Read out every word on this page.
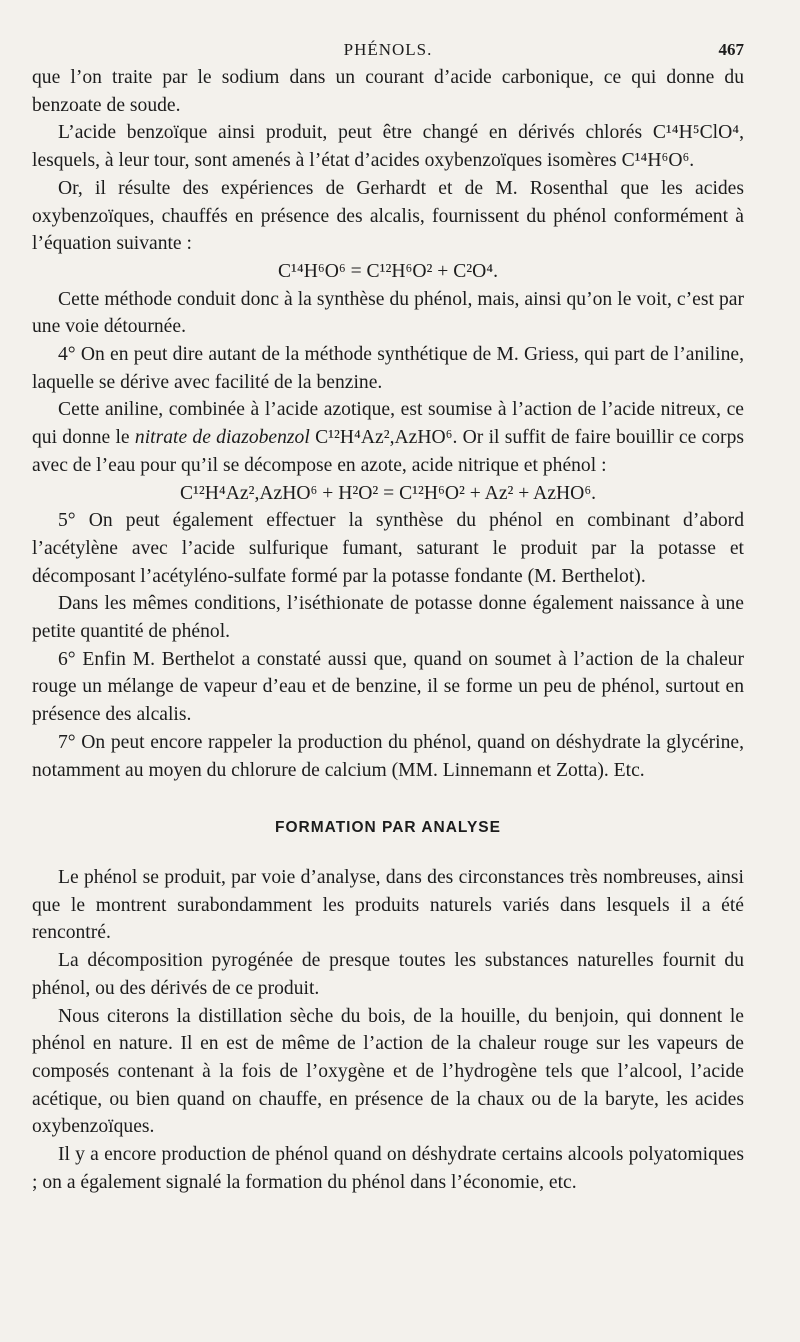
PHÉNOLS.	467

que l’on traite par le sodium dans un courant d’acide carbonique, ce qui donne du benzoate de soude.

L’acide benzoïque ainsi produit, peut être changé en dérivés chlorés C¹⁴H⁵ClO⁴, lesquels, à leur tour, sont amenés à l’état d’acides oxybenzoïques isomères C¹⁴H⁶O⁶.

Or, il résulte des expériences de Gerhardt et de M. Rosenthal que les acides oxybenzoïques, chauffés en présence des alcalis, fournissent du phénol conformément à l’équation suivante :

C¹⁴H⁶O⁶ = C¹²H⁶O² + C²O⁴.

Cette méthode conduit donc à la synthèse du phénol, mais, ainsi qu’on le voit, c’est par une voie détournée.

4° On en peut dire autant de la méthode synthétique de M. Griess, qui part de l’aniline, laquelle se dérive avec facilité de la benzine.

Cette aniline, combinée à l’acide azotique, est soumise à l’action de l’acide nitreux, ce qui donne le nitrate de diazobenzol C¹²H⁴Az²,AzHO⁶. Or il suffit de faire bouillir ce corps avec de l’eau pour qu’il se décompose en azote, acide nitrique et phénol :

C¹²H⁴Az²,AzHO⁶ + H²O² = C¹²H⁶O² + Az² + AzHO⁶.

5° On peut également effectuer la synthèse du phénol en combinant d’abord l’acétylène avec l’acide sulfurique fumant, saturant le produit par la potasse et décomposant l’acétyléno-sulfate formé par la potasse fondante (M. Berthelot).

Dans les mêmes conditions, l’iséthionate de potasse donne également naissance à une petite quantité de phénol.

6° Enfin M. Berthelot a constaté aussi que, quand on soumet à l’action de la chaleur rouge un mélange de vapeur d’eau et de benzine, il se forme un peu de phénol, surtout en présence des alcalis.

7° On peut encore rappeler la production du phénol, quand on déshydrate la glycérine, notamment au moyen du chlorure de calcium (MM. Linnemann et Zotta). Etc.

FORMATION PAR ANALYSE

Le phénol se produit, par voie d’analyse, dans des circonstances très nombreuses, ainsi que le montrent surabondamment les produits naturels variés dans lesquels il a été rencontré.

La décomposition pyrogénée de presque toutes les substances naturelles fournit du phénol, ou des dérivés de ce produit.

Nous citerons la distillation sèche du bois, de la houille, du benjoin, qui donnent le phénol en nature. Il en est de même de l’action de la chaleur rouge sur les vapeurs de composés contenant à la fois de l’oxygène et de l’hydrogène tels que l’alcool, l’acide acétique, ou bien quand on chauffe, en présence de la chaux ou de la baryte, les acides oxybenzoïques.

Il y a encore production de phénol quand on déshydrate certains alcools polyatomiques ; on a également signalé la formation du phénol dans l’économie, etc.
